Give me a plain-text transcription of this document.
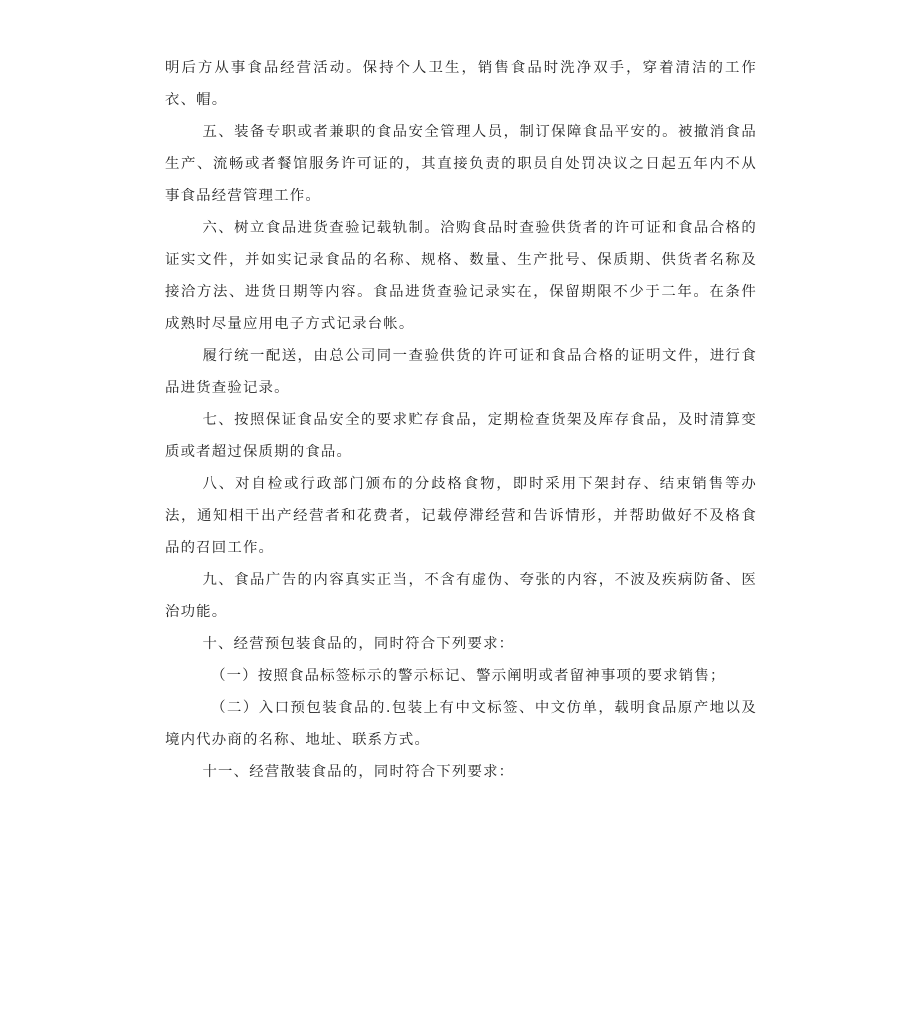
明后方从事食品经营活动。保持个人卫生，销售食品时洗净双手，穿着清洁的工作衣、帽。

五、装备专职或者兼职的食品安全管理人员，制订保障食品平安的。被撤消食品生产、流畅或者餐馆服务许可证的，其直接负责的职员自处罚决议之日起五年内不从事食品经营管理工作。

六、树立食品进货查验记载轨制。洽购食品时查验供货者的许可证和食品合格的证实文件，并如实记录食品的名称、规格、数量、生产批号、保质期、供货者名称及接洽方法、进货日期等内容。食品进货查验记录实在，保留期限不少于二年。在条件成熟时尽量应用电子方式记录台帐。

履行统一配送，由总公司同一查验供货的许可证和食品合格的证明文件，进行食品进货查验记录。

七、按照保证食品安全的要求贮存食品，定期检查货架及库存食品，及时清算变质或者超过保质期的食品。

八、对自检或行政部门颁布的分歧格食物，即时采用下架封存、结束销售等办法，通知相干出产经营者和花费者，记载停滞经营和告诉情形，并帮助做好不及格食品的召回工作。

九、食品广告的内容真实正当，不含有虚伪、夸张的内容，不波及疾病防备、医治功能。

十、经营预包装食品的，同时符合下列要求：

（一）按照食品标签标示的警示标记、警示阐明或者留神事项的要求销售；

（二）入口预包装食品的.包装上有中文标签、中文仿单，载明食品原产地以及境内代办商的名称、地址、联系方式。

十一、经营散装食品的，同时符合下列要求：
